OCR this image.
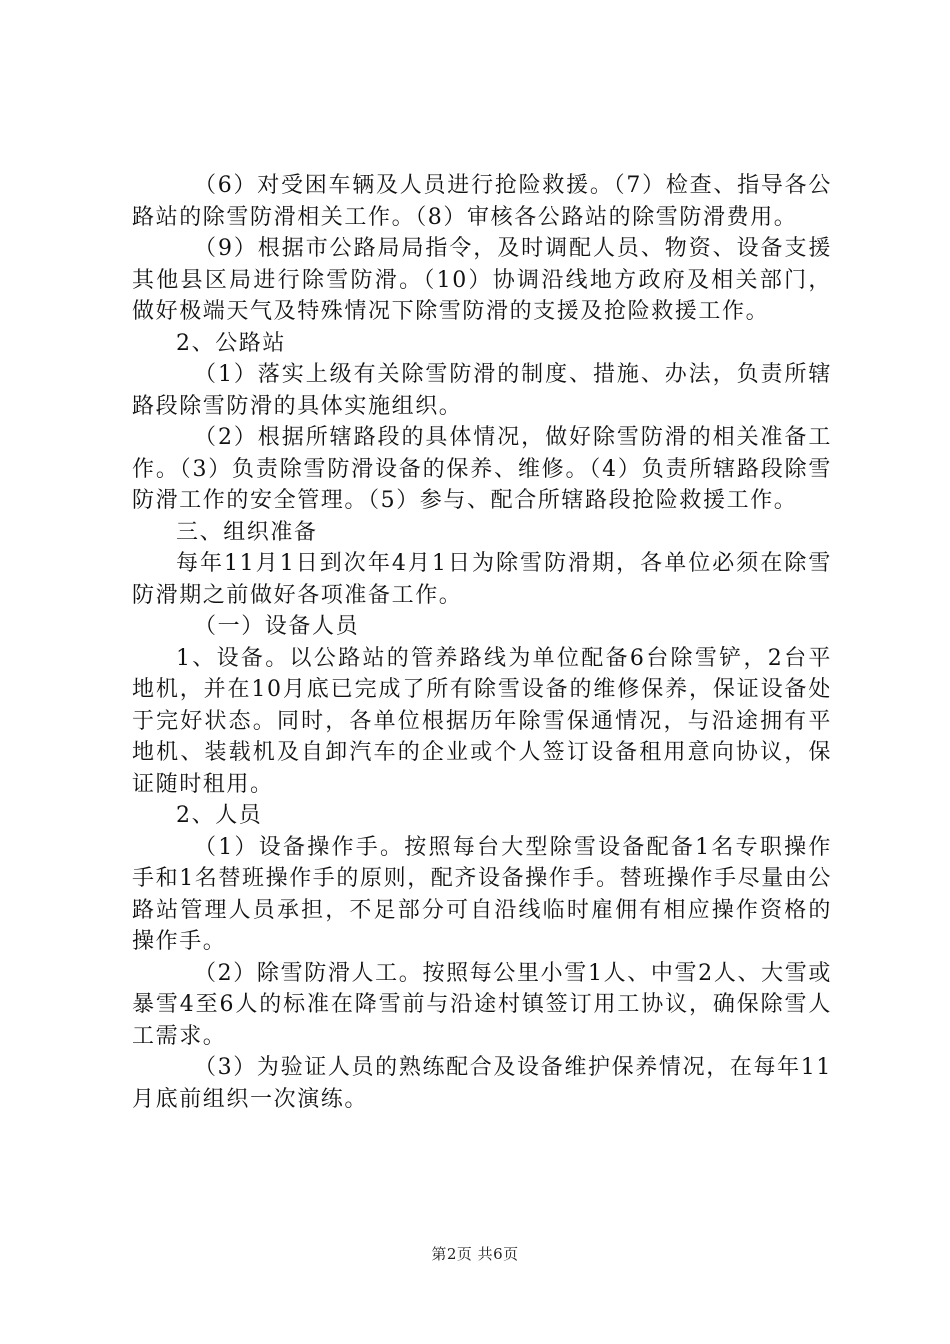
（6）对受困车辆及人员进行抢险救援。（7）检查、指导各公路站的除雪防滑相关工作。（8）审核各公路站的除雪防滑费用。

（9）根据市公路局局指令，及时调配人员、物资、设备支援其他县区局进行除雪防滑。（10）协调沿线地方政府及相关部门，做好极端天气及特殊情况下除雪防滑的支援及抢险救援工作。

2、公路站

（1）落实上级有关除雪防滑的制度、措施、办法，负责所辖路段除雪防滑的具体实施组织。

（2）根据所辖路段的具体情况，做好除雪防滑的相关准备工作。（3）负责除雪防滑设备的保养、维修。（4）负责所辖路段除雪防滑工作的安全管理。（5）参与、配合所辖路段抢险救援工作。

三、组织准备

每年11月1日到次年4月1日为除雪防滑期，各单位必须在除雪防滑期之前做好各项准备工作。

（一）设备人员

1、设备。以公路站的管养路线为单位配备6台除雪铲，2台平地机，并在10月底已完成了所有除雪设备的维修保养，保证设备处于完好状态。同时，各单位根据历年除雪保通情况，与沿途拥有平地机、装载机及自卸汽车的企业或个人签订设备租用意向协议，保证随时租用。

2、人员

（1）设备操作手。按照每台大型除雪设备配备1名专职操作手和1名替班操作手的原则，配齐设备操作手。替班操作手尽量由公路站管理人员承担，不足部分可自沿线临时雇佣有相应操作资格的操作手。

（2）除雪防滑人工。按照每公里小雪1人、中雪2人、大雪或暴雪4至6人的标准在降雪前与沿途村镇签订用工协议，确保除雪人工需求。

（3）为验证人员的熟练配合及设备维护保养情况，在每年11月底前组织一次演练。

第2页 共6页
